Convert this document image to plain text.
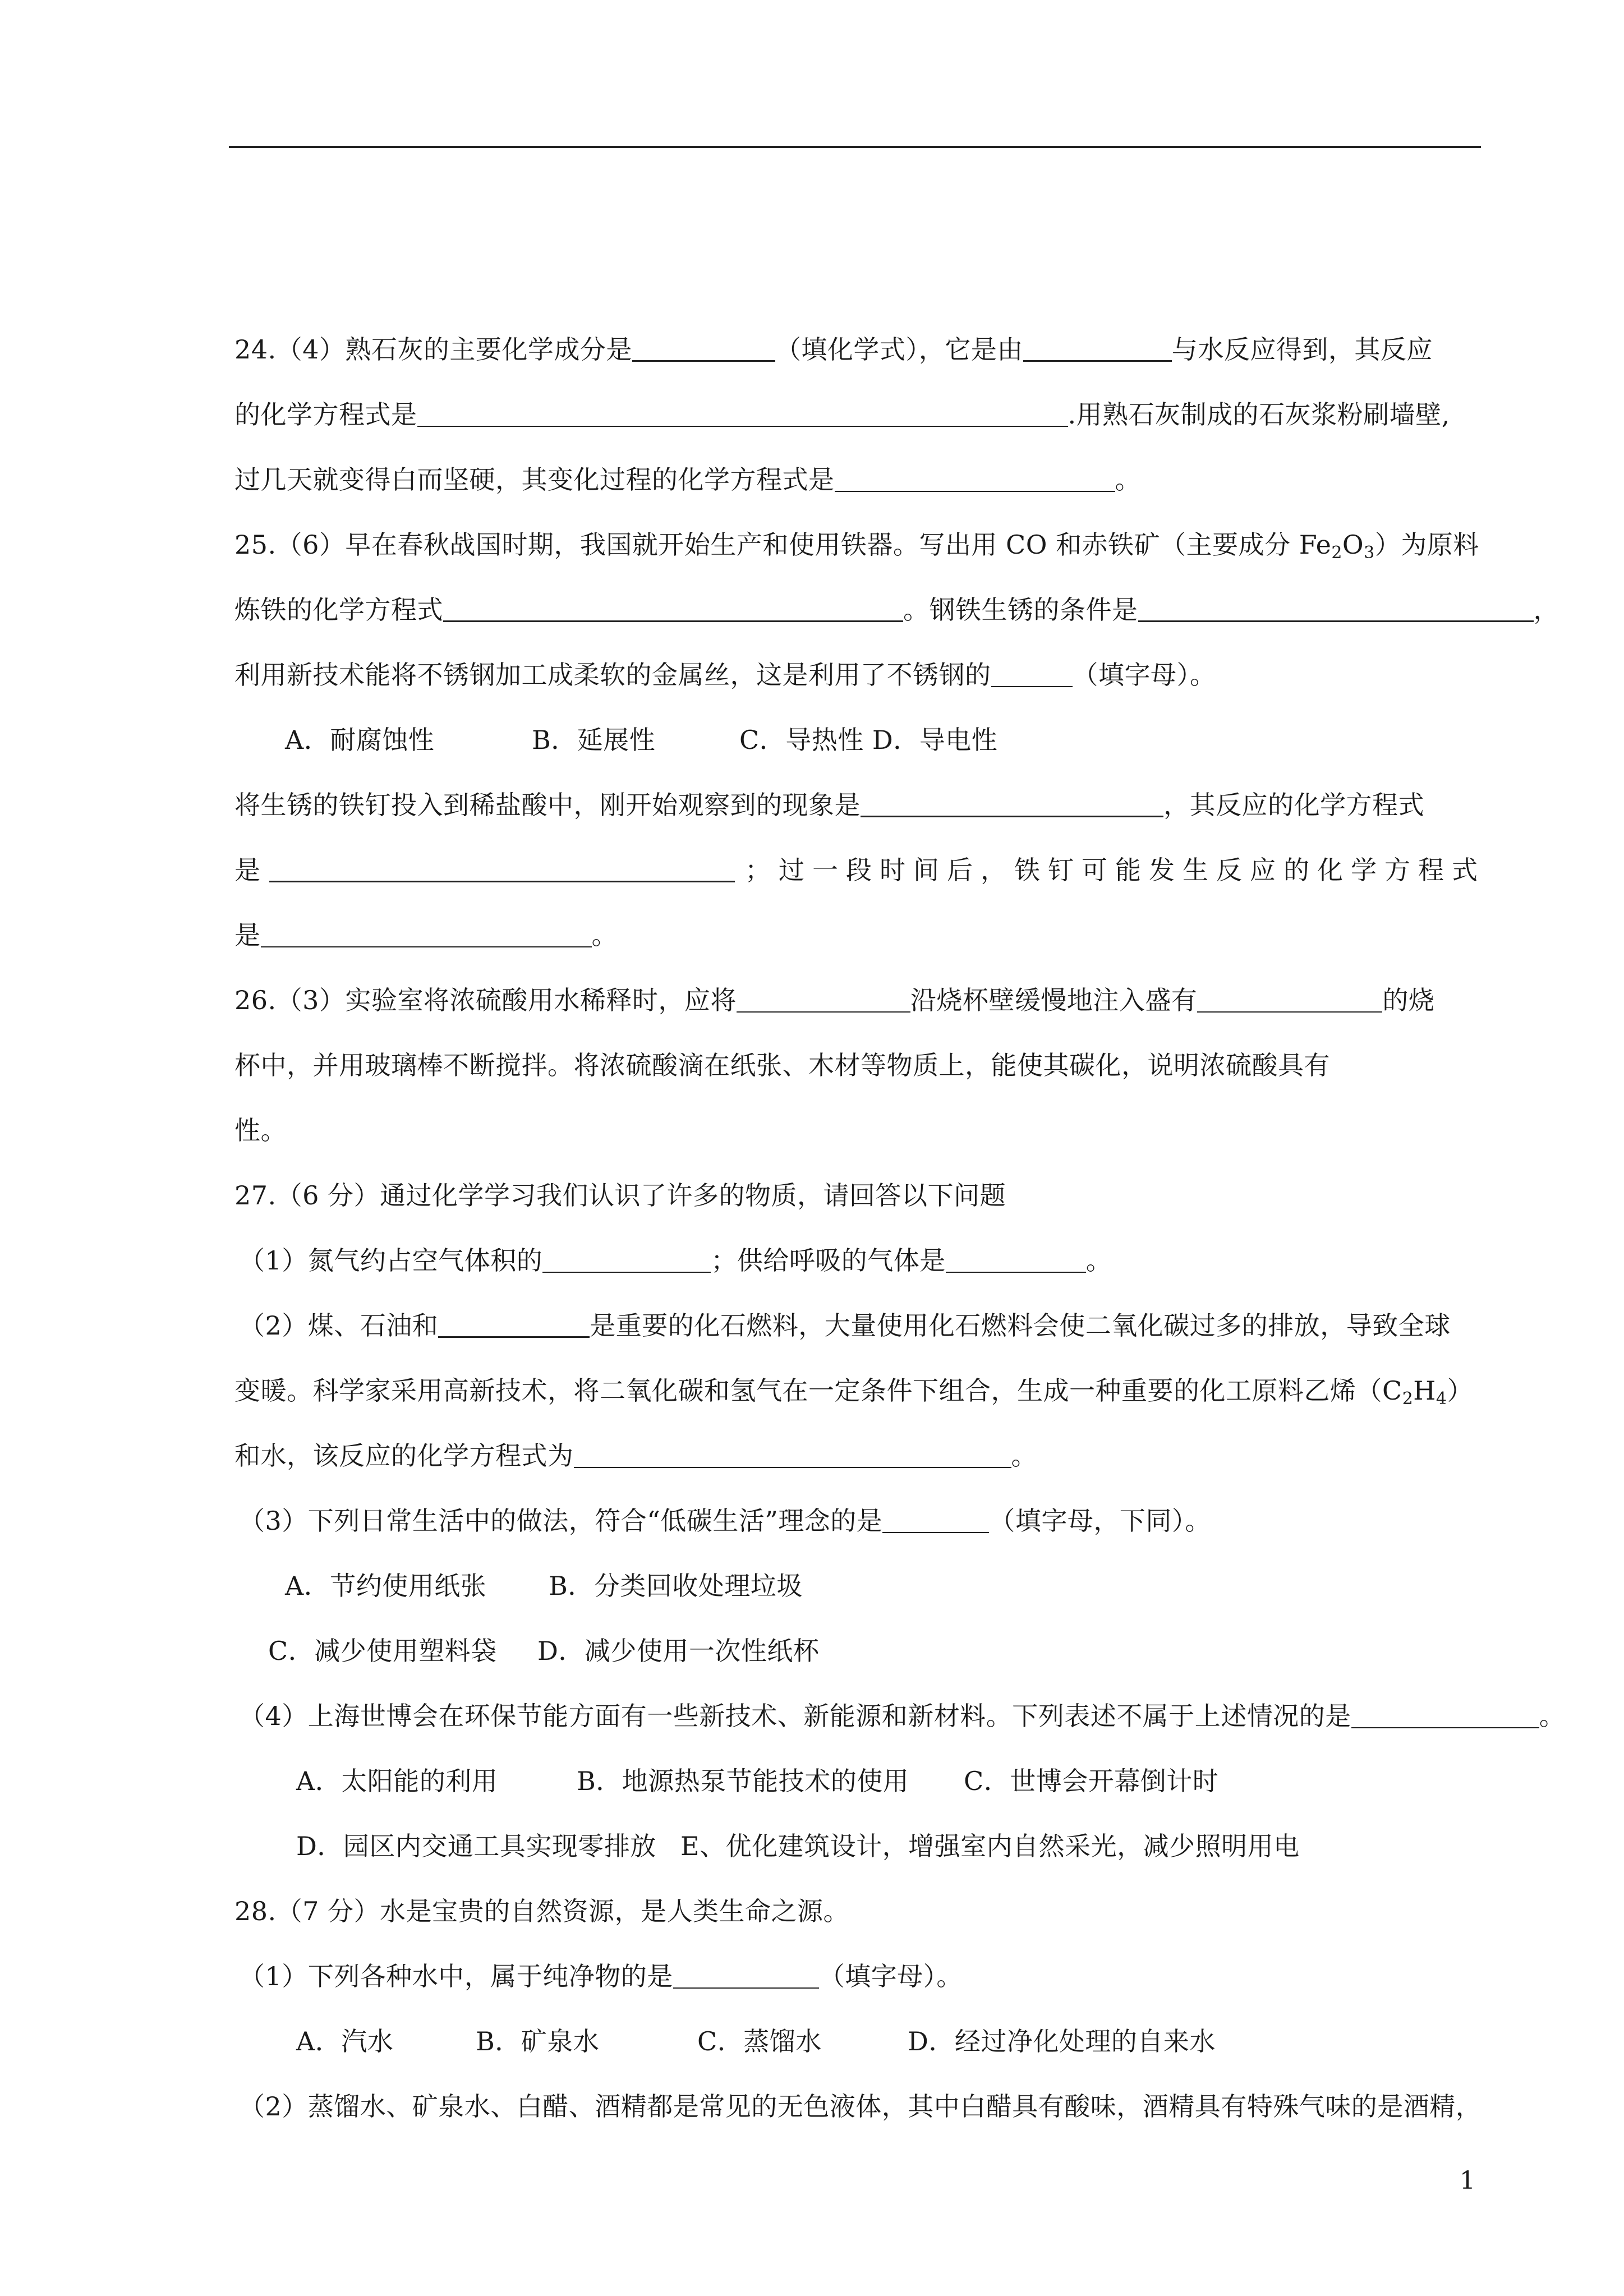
24.（4）熟石灰的主要化学成分是	（填化学式），它是由	与水反应得到，其反应
的化学方程式是	.用熟石灰制成的石灰浆粉刷墙壁,
过几天就变得白而坚硬，其变化过程的化学方程式是	。
25.（6）早在春秋战国时期，我国就开始生产和使用铁器。写出用 CO 和赤铁矿（主要成分 $Fe_2O_3$）为原料
炼铁的化学方程式	。钢铁生锈的条件是	，
利用新技术能将不锈钢加工成柔软的金属丝，这是利用了不锈钢的	（填字母）。
A．耐腐蚀性	B．延展性	C．导热性 D．导电性
将生锈的铁钉投入到稀盐酸中，刚开始观察到的现象是	，其反应的化学方程式
是	；过一段时间后，铁钉可能发生反应的化学方程式
是	。
26.（3）实验室将浓硫酸用水稀释时，应将	沿烧杯壁缓慢地注入盛有	的烧
杯中，并用玻璃棒不断搅拌。将浓硫酸滴在纸张、木材等物质上，能使其碳化，说明浓硫酸具有
性。
27.（6 分）通过化学学习我们认识了许多的物质，请回答以下问题
（1）氮气约占空气体积的	；供给呼吸的气体是	。
（2）煤、石油和	是重要的化石燃料，大量使用化石燃料会使二氧化碳过多的排放，导致全球
变暖。科学家采用高新技术，将二氧化碳和氢气在一定条件下组合，生成一种重要的化工原料乙烯$(C_2H_4)$
和水，该反应的化学方程式为	。
（3）下列日常生活中的做法，符合“低碳生活”理念的是	（填字母，下同）。
A．节约使用纸张 B．分类回收处理垃圾
C．减少使用塑料袋 D．减少使用一次性纸杯
（4）上海世博会在环保节能方面有一些新技术、新能源和新材料。下列表述不属于上述情况的是	。
A．太阳能的利用	B．地源热泵节能技术的使用 C．世博会开幕倒计时
D．园区内交通工具实现零排放 E、优化建筑设计，增强室内自然采光，减少照明用电
28.（7 分）水是宝贵的自然资源，是人类生命之源。
（1）下列各种水中，属于纯净物的是	（填字母）。
A．汽水	B．矿泉水	C．蒸馏水	D．经过净化处理的自来水
（2）蒸馏水、矿泉水、白醋、酒精都是常见的无色液体，其中白醋具有酸味，酒精具有特殊气味的是酒精，
1
